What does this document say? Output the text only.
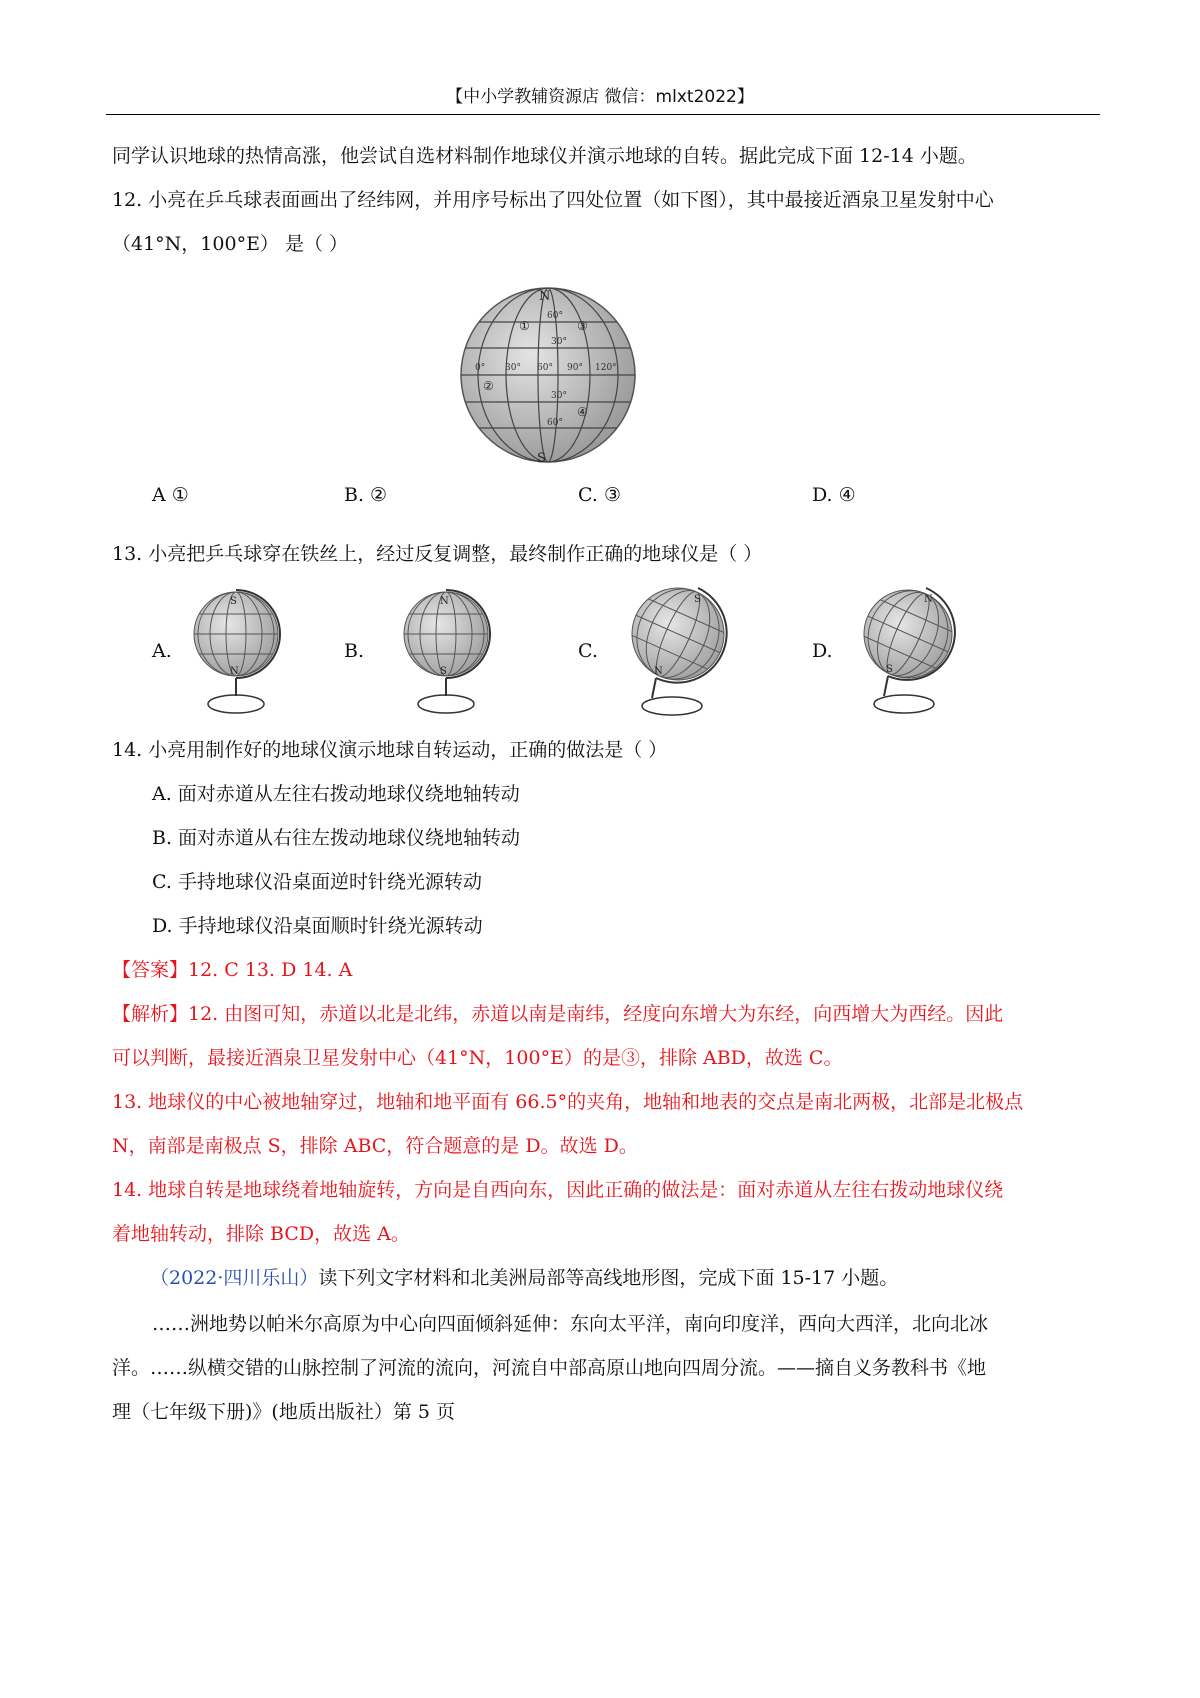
【中小学教辅资源店 微信：mlxt2022】
同学认识地球的热情高涨，他尝试自选材料制作地球仪并演示地球的自转。据此完成下面 12-14 小题。
12. 小亮在乒乓球表面画出了经纬网，并用序号标出了四处位置（如下图），其中最接近酒泉卫星发射中心
（41°N，100°E） 是（ ）
N
S
①
②
③
④
60°
30°
30°
60°
0° 30° 60° 90° 120°
A ①	B. ②	C. ③	D. ④
13. 小亮把乒乓球穿在铁丝上，经过反复调整，最终制作正确的地球仪是（ ）
A.
S
N
B.
N
S
C.
S
N
D.
N
S
14. 小亮用制作好的地球仪演示地球自转运动，正确的做法是（ ）
A. 面对赤道从左往右拨动地球仪绕地轴转动
B. 面对赤道从右往左拨动地球仪绕地轴转动
C. 手持地球仪沿桌面逆时针绕光源转动
D. 手持地球仪沿桌面顺时针绕光源转动
【答案】12. C 13. D 14. A
【解析】12. 由图可知，赤道以北是北纬，赤道以南是南纬，经度向东增大为东经，向西增大为西经。因此
可以判断，最接近酒泉卫星发射中心（41°N，100°E）的是③，排除 ABD，故选 C。
13. 地球仪的中心被地轴穿过，地轴和地平面有 66.5°的夹角，地轴和地表的交点是南北两极，北部是北极点
N，南部是南极点 S，排除 ABC，符合题意的是 D。故选 D。
14. 地球自转是地球绕着地轴旋转，方向是自西向东，因此正确的做法是：面对赤道从左往右拨动地球仪绕
着地轴转动，排除 BCD，故选 A。
（2022·四川乐山）读下列文字材料和北美洲局部等高线地形图，完成下面 15-17 小题。
……洲地势以帕米尔高原为中心向四面倾斜延伸：东向太平洋，南向印度洋，西向大西洋，北向北冰
洋。……纵横交错的山脉控制了河流的流向，河流自中部高原山地向四周分流。——摘自义务教科书《地
理（七年级下册)》(地质出版社）第 5 页
